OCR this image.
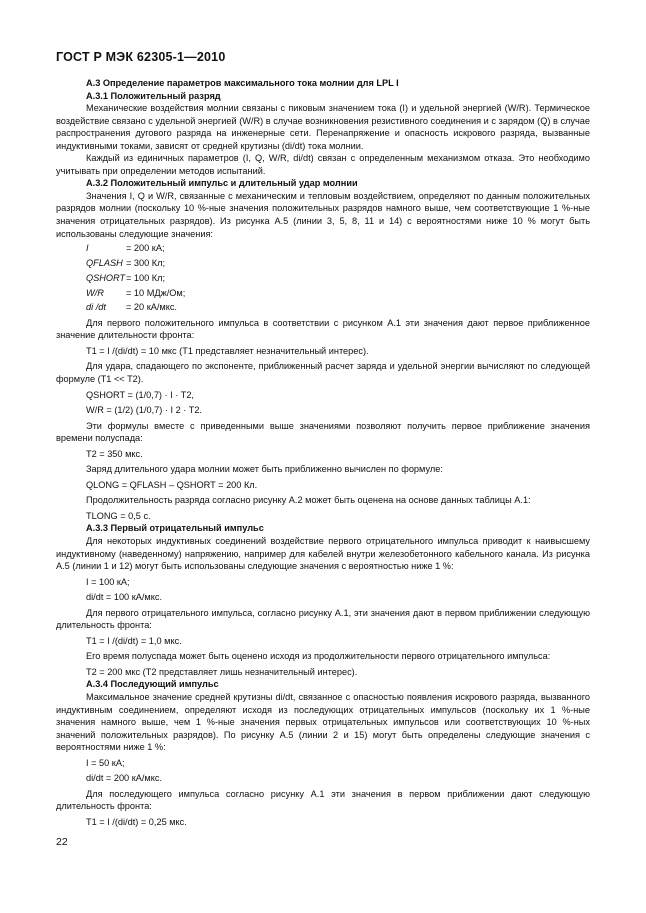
ГОСТ Р МЭК 62305-1—2010

А.3 Определение параметров максимального тока молнии для LPL I

А.3.1 Положительный разряд

Механические воздействия молнии связаны с пиковым значением тока (I) и удельной энергией (W/R). Термическое воздействие связано с удельной энергией (W/R) в случае возникновения резистивного соединения и с зарядом (Q) в случае распространения дугового разряда на инженерные сети. Перенапряжение и опасность искрового разряда, вызванные индуктивными токами, зависят от средней крутизны (di/dt) тока молнии.

Каждый из единичных параметров (I, Q, W/R, di/dt) связан с определенным механизмом отказа. Это необходимо учитывать при определении методов испытаний.

А.3.2 Положительный импульс и длительный удар молнии

Значения I, Q и W/R, связанные с механическим и тепловым воздействием, определяют по данным положительных разрядов молнии (поскольку 10 %-ные значения положительных разрядов намного выше, чем соответствующие 1 %-ные значения отрицательных разрядов). Из рисунка А.5 (линии 3, 5, 8, 11 и 14) с вероятностями ниже 10 % могут быть использованы следующие значения:

I	= 200 кА;
QFLASH = 300 Кл;
QSHORT = 100 Кл;
W/R	= 10 МДж/Ом;
di /dt	= 20 кА/мкс.

Для первого положительного импульса в соответствии с рисунком А.1 эти значения дают первое приближенное значение длительности фронта:

T1 = I /(di/dt) = 10 мкс (T1 представляет незначительный интерес).

Для удара, спадающего по экспоненте, приближенный расчет заряда и удельной энергии вычисляют по следующей формуле (T1 << T2).

QSHORT = (1/0,7) · I · T2,

W/R = (1/2) (1/0,7) · I 2 · T2.

Эти формулы вместе с приведенными выше значениями позволяют получить первое приближение значения времени полуспада:

T2 = 350 мкс.

Заряд длительного удара молнии может быть приближенно вычислен по формуле:

QLONG = QFLASH – QSHORT = 200 Кл.

Продолжительность разряда согласно рисунку А.2 может быть оценена на основе данных таблицы А.1:

TLONG = 0,5 с.

А.3.3 Первый отрицательный импульс

Для некоторых индуктивных соединений воздействие первого отрицательного импульса приводит к наивысшему индуктивному (наведенному) напряжению, например для кабелей внутри железобетонного кабельного канала. Из рисунка А.5 (линии 1 и 12) могут быть использованы следующие значения с вероятностью ниже 1 %:

I = 100 кА;

di/dt = 100 кА/мкс.

Для первого отрицательного импульса, согласно рисунку А.1, эти значения дают в первом приближении следующую длительность фронта:

T1 = I /(di/dt) = 1,0 мкс.

Его время полуспада может быть оценено исходя из продолжительности первого отрицательного импульса:

T2 = 200 мкс (T2 представляет лишь незначительный интерес).

А.3.4 Последующий импульс

Максимальное значение средней крутизны di/dt, связанное с опасностью появления искрового разряда, вызванного индуктивным соединением, определяют исходя из последующих отрицательных импульсов (поскольку их 1 %-ные значения намного выше, чем 1 %-ные значения первых отрицательных импульсов или соответствующих 10 %-ных значений положительных разрядов). По рисунку А.5 (линии 2 и 15) могут быть определены следующие значения с вероятностями ниже 1 %:

I = 50 кА;

di/dt = 200 кА/мкс.

Для последующего импульса согласно рисунку А.1 эти значения в первом приближении дают следующую длительность фронта:

T1 = I /(di/dt) = 0,25 мкс.

22
